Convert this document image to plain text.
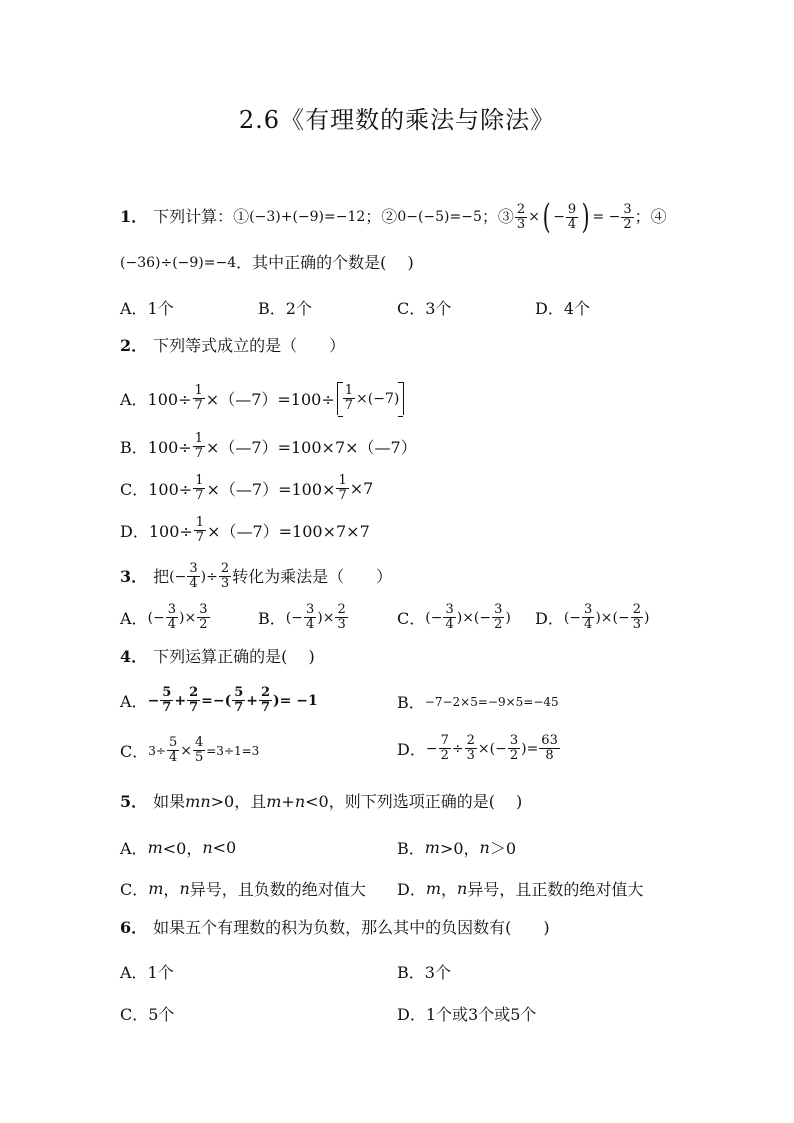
2.6《有理数的乘法与除法》
1． 下列计算：① (−3)+(−9)=−12 ；② 0−(−5)=−5 ；③ $\frac{2}{3}$ × ( − $\frac{9}{4}$ ) = − $\frac{3}{2}$ ；④
(−36)÷(−9)=−4 ．其中正确的个数是(　 )
A．1个	B．2个	C．3个	D．4个
2． 下列等式成立的是（　　）
A．$100\div \frac{1}{7}$ ×（—7）=100÷ $\frac{1}{7} \times(-7)$
B．$100\div \frac{1}{7}$ ×（—7）=100×7×（—7）
C．$100\div \frac{1}{7}$ ×（—7）=100× $\frac{1}{7} \times 7$
D．$100\div \frac{1}{7}$ ×（—7）=100×7×7
3． 把 (− $\frac{3}{4}$ )÷ $\frac{2}{3}$ 转化为乘法是（　　）
A． (− $\frac{3}{4}$ ) × $\frac{3}{2}$	B． (− $\frac{3}{4}$ ) × $\frac{2}{3}$	C． (− $\frac{3}{4}$ ) ×(− $\frac{3}{2}$ ) D． (− $\frac{3}{4}$ ) ×(− $\frac{2}{3}$ )
4． 下列运算正确的是(　 )
A． − $\frac{5}{7} + \frac{2}{7}$ =−( $\frac{5}{7} + \frac{2}{7}$ ) = −1	B． −7−2×5=−9×5=−45
C． $3\div \frac{5}{4} \times \frac{4}{5} =3\div 1=3$	D． − $\frac{7}{2} \div \frac{2}{3}$ ×(− $\frac{3}{2}$ ) = $\frac{63}{8}$
5． 如果 mn >0，且 m + n <0，则下列选项正确的是(　 )
A． m <0， n <0	B． m >0， n ＞0
C． m ， n 异号，且负数的绝对值大 D． m ， n 异号，且正数的绝对值大
6． 如果五个有理数的积为负数，那么其中的负因数有(　　)
A．1个	B．3个
C．5个	D．1个或3个或5个
